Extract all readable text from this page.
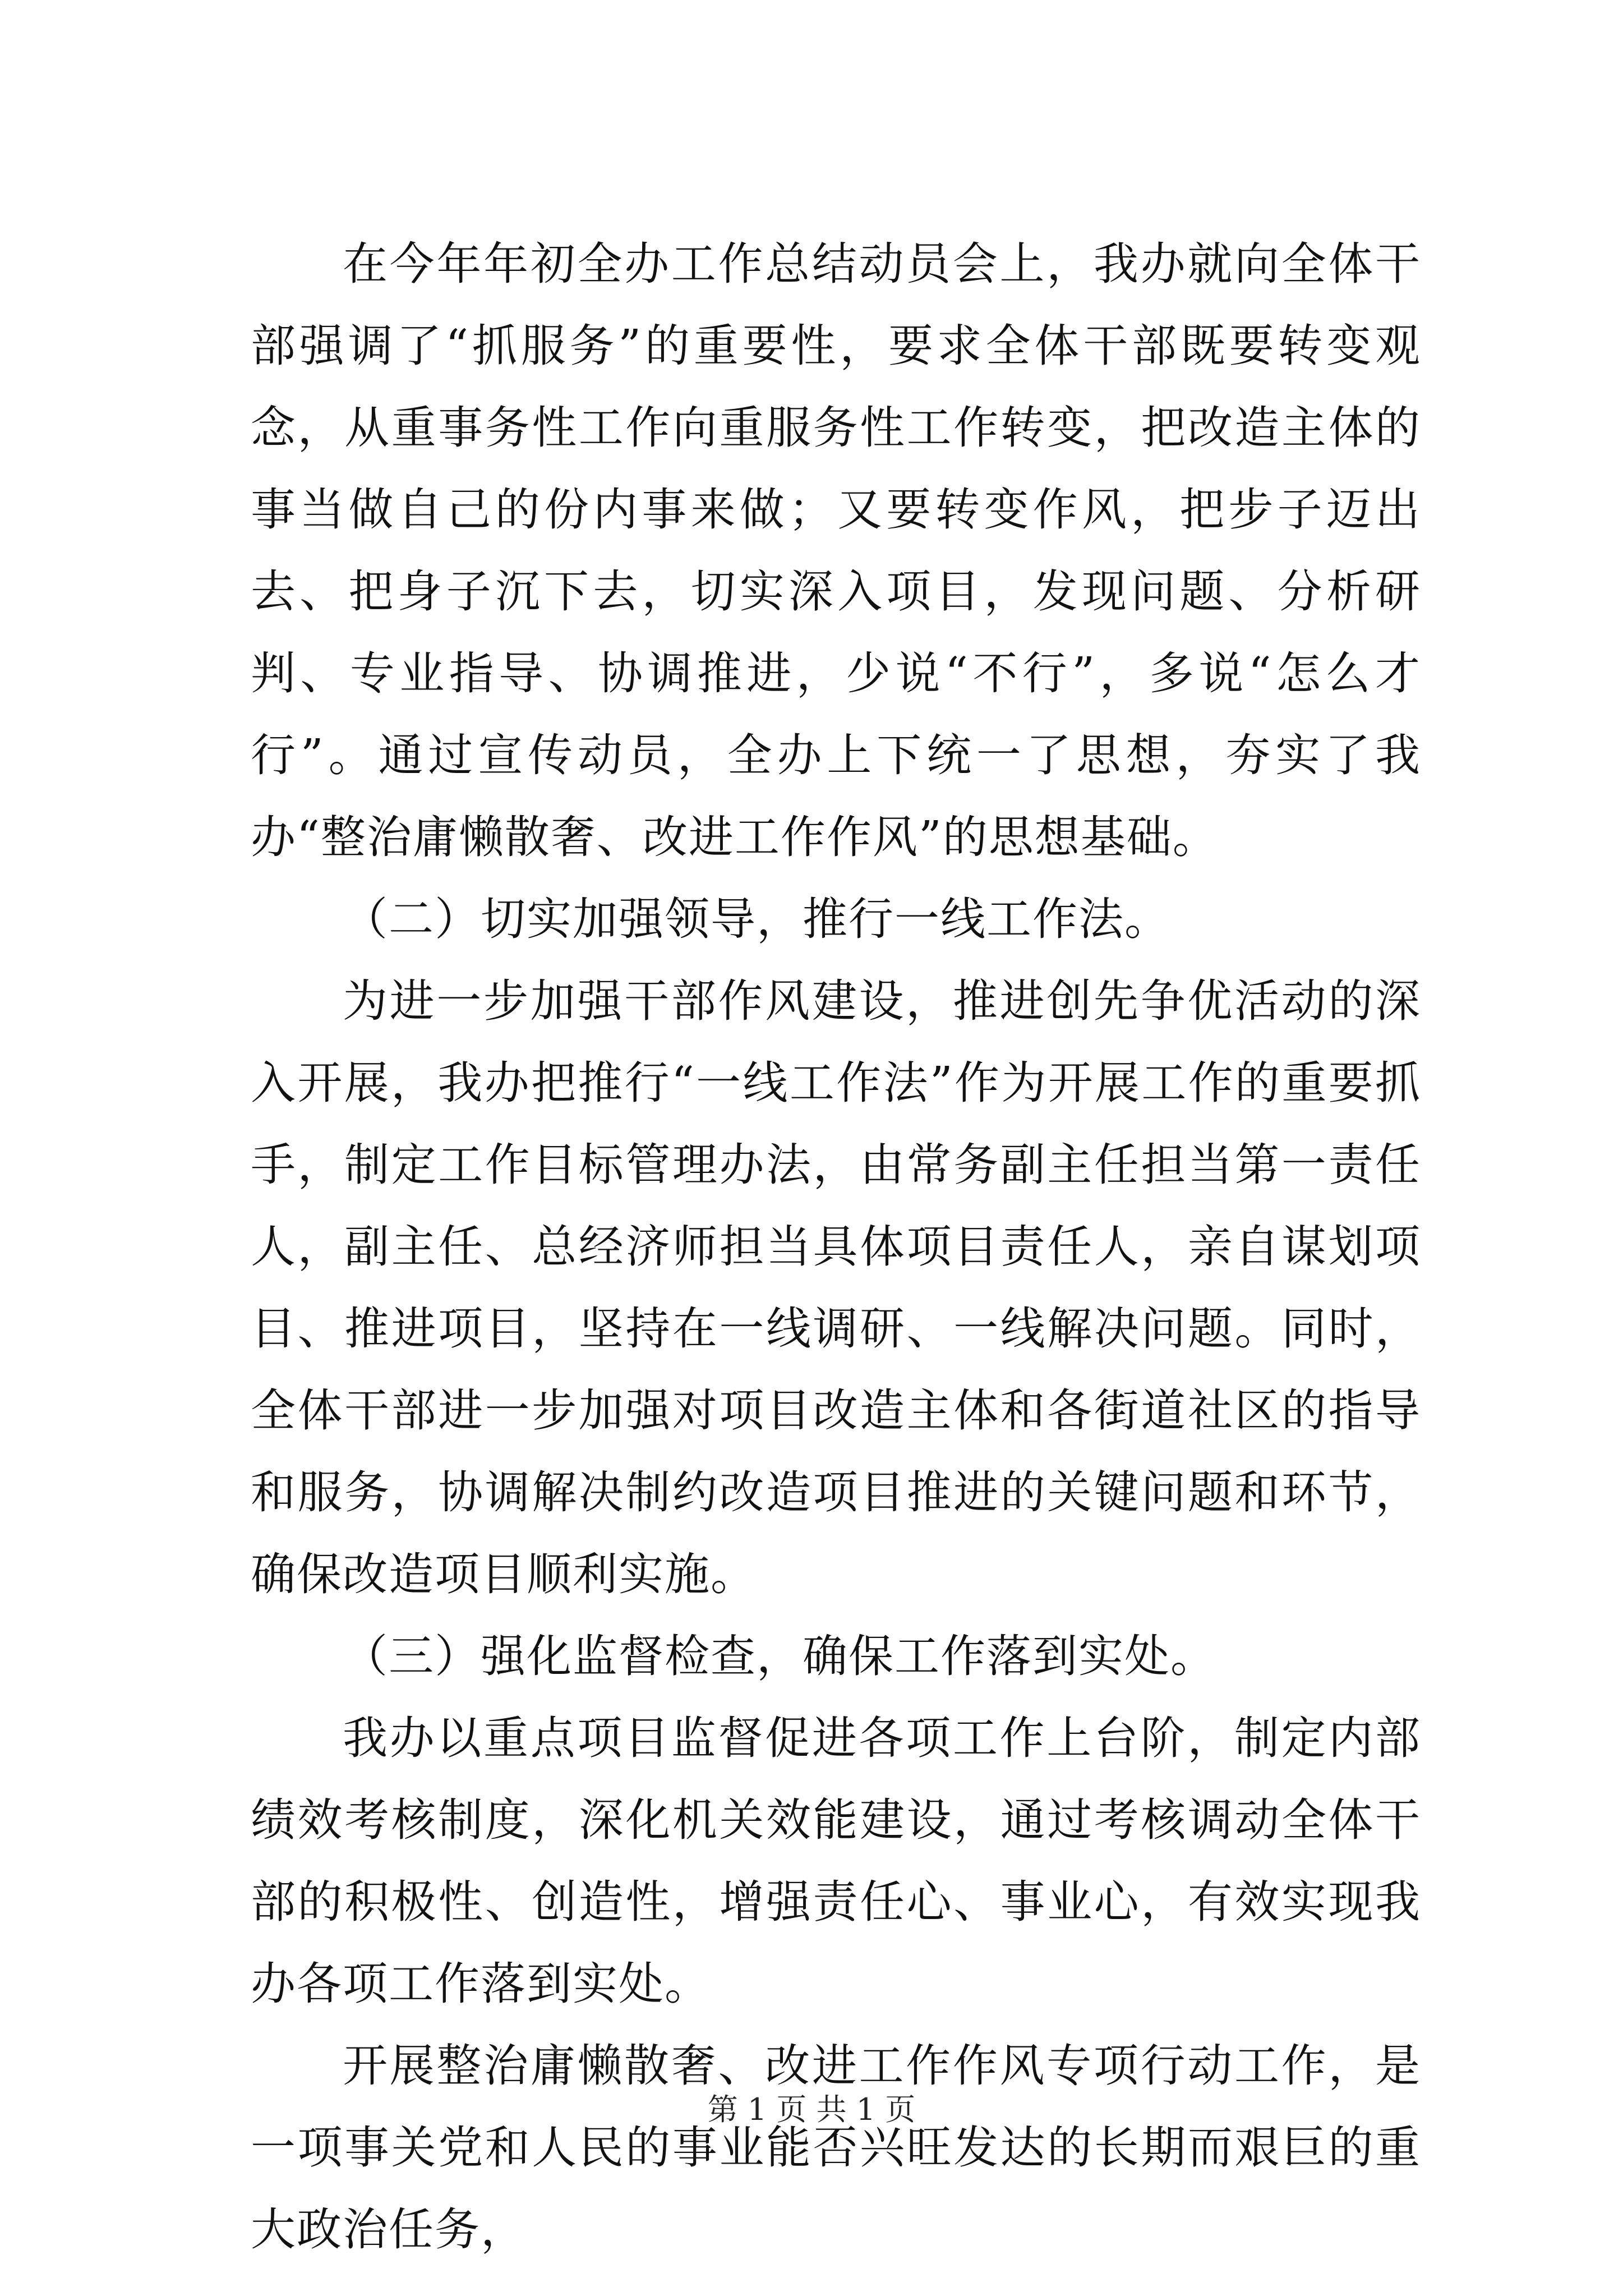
在今年年初全办工作总结动员会上，我办就向全体干部强调了“抓服务”的重要性，要求全体干部既要转变观念，从重事务性工作向重服务性工作转变，把改造主体的事当做自己的份内事来做；又要转变作风，把步子迈出去、把身子沉下去，切实深入项目，发现问题、分析研判、专业指导、协调推进，少说“不行”，多说“怎么才行”。通过宣传动员，全办上下统一了思想，夯实了我办“整治庸懒散奢、改进工作作风”的思想基础。

（二）切实加强领导，推行一线工作法。

为进一步加强干部作风建设，推进创先争优活动的深入开展，我办把推行“一线工作法”作为开展工作的重要抓手，制定工作目标管理办法，由常务副主任担当第一责任人，副主任、总经济师担当具体项目责任人，亲自谋划项目、推进项目，坚持在一线调研、一线解决问题。同时，全体干部进一步加强对项目改造主体和各街道社区的指导和服务，协调解决制约改造项目推进的关键问题和环节，确保改造项目顺利实施。

（三）强化监督检查，确保工作落到实处。

我办以重点项目监督促进各项工作上台阶，制定内部绩效考核制度，深化机关效能建设，通过考核调动全体干部的积极性、创造性，增强责任心、事业心，有效实现我办各项工作落到实处。

开展整治庸懒散奢、改进工作作风专项行动工作，是一项事关党和人民的事业能否兴旺发达的长期而艰巨的重大政治任务，

第 1 页 共 1 页
